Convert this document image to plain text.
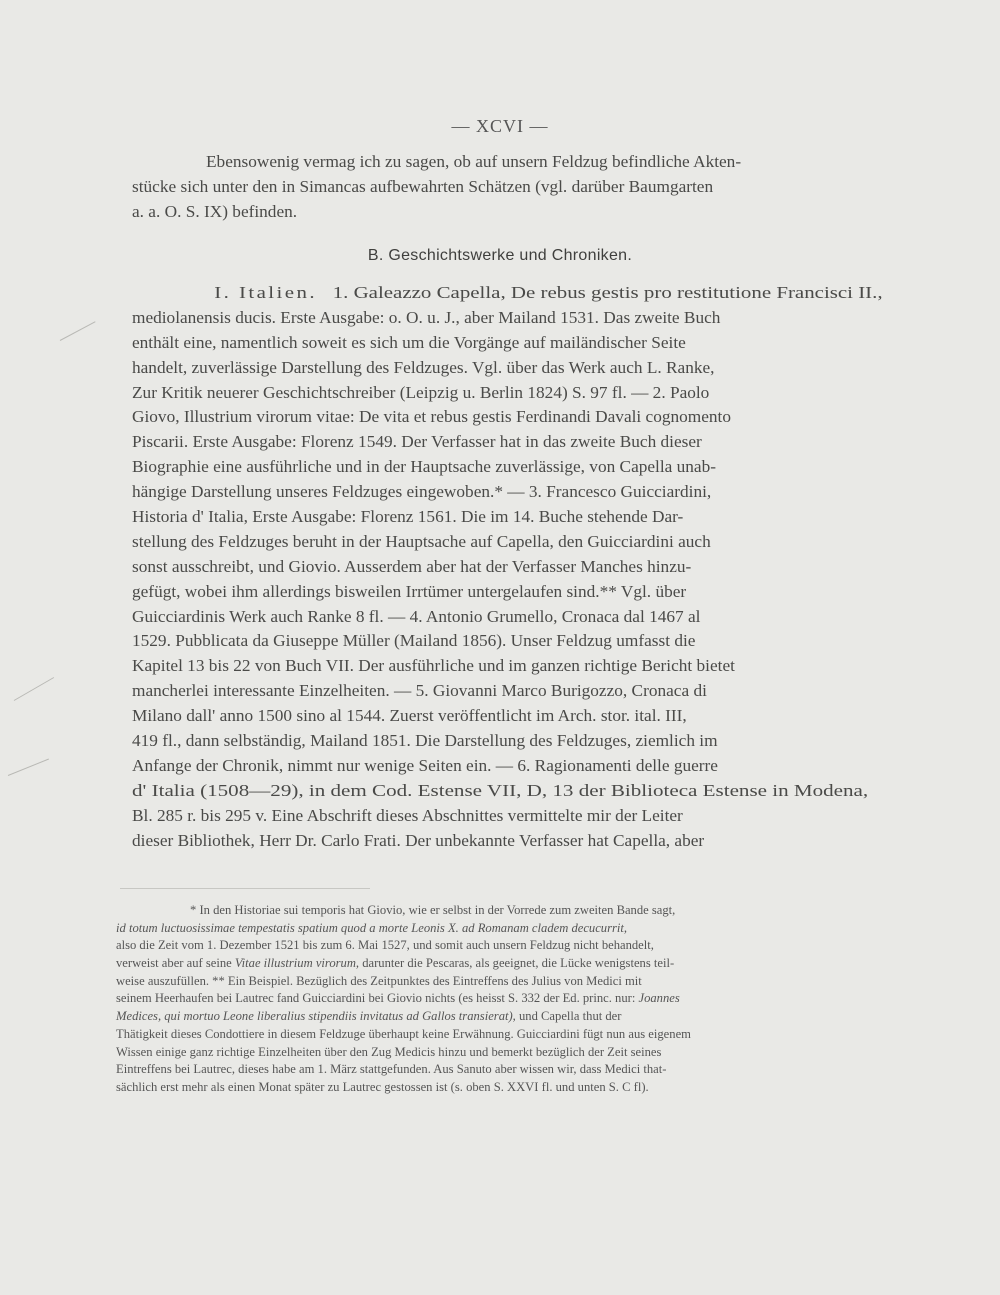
— XCVI —
Ebensowenig vermag ich zu sagen, ob auf unsern Feldzug befindliche Akten-
stücke sich unter den in Simancas aufbewahrten Schätzen (vgl. darüber Baumgarten
a. a. O. S. IX) befinden.
B. Geschichtswerke und Chroniken.
I. Italien. 1. Galeazzo Capella, De rebus gestis pro restitutione Francisci II.,
mediolanensis ducis. Erste Ausgabe: o. O. u. J., aber Mailand 1531. Das zweite Buch
enthält eine, namentlich soweit es sich um die Vorgänge auf mailändischer Seite
handelt, zuverlässige Darstellung des Feldzuges. Vgl. über das Werk auch L. Ranke,
Zur Kritik neuerer Geschichtschreiber (Leipzig u. Berlin 1824) S. 97 fl. — 2. Paolo
Giovo, Illustrium virorum vitae: De vita et rebus gestis Ferdinandi Davali cognomento
Piscarii. Erste Ausgabe: Florenz 1549. Der Verfasser hat in das zweite Buch dieser
Biographie eine ausführliche und in der Hauptsache zuverlässige, von Capella unab-
hängige Darstellung unseres Feldzuges eingewoben.* — 3. Francesco Guicciardini,
Historia d' Italia, Erste Ausgabe: Florenz 1561. Die im 14. Buche stehende Dar-
stellung des Feldzuges beruht in der Hauptsache auf Capella, den Guicciardini auch
sonst ausschreibt, und Giovio. Ausserdem aber hat der Verfasser Manches hinzu-
gefügt, wobei ihm allerdings bisweilen Irrtümer untergelaufen sind.** Vgl. über
Guicciardinis Werk auch Ranke 8 fl. — 4. Antonio Grumello, Cronaca dal 1467 al
1529. Pubblicata da Giuseppe Müller (Mailand 1856). Unser Feldzug umfasst die
Kapitel 13 bis 22 von Buch VII. Der ausführliche und im ganzen richtige Bericht bietet
mancherlei interessante Einzelheiten. — 5. Giovanni Marco Burigozzo, Cronaca di
Milano dall' anno 1500 sino al 1544. Zuerst veröffentlicht im Arch. stor. ital. III,
419 fl., dann selbständig, Mailand 1851. Die Darstellung des Feldzuges, ziemlich im
Anfange der Chronik, nimmt nur wenige Seiten ein. — 6. Ragionamenti delle guerre
d' Italia (1508—29), in dem Cod. Estense VII, D, 13 der Biblioteca Estense in Modena,
Bl. 285 r. bis 295 v. Eine Abschrift dieses Abschnittes vermittelte mir der Leiter
dieser Bibliothek, Herr Dr. Carlo Frati. Der unbekannte Verfasser hat Capella, aber
* In den Historiae sui temporis hat Giovio, wie er selbst in der Vorrede zum zweiten Bande sagt,
id totum luctuosissimae tempestatis spatium quod a morte Leonis X. ad Romanam cladem decucurrit,
also die Zeit vom 1. Dezember 1521 bis zum 6. Mai 1527, und somit auch unsern Feldzug nicht behandelt,
verweist aber auf seine Vitae illustrium virorum, darunter die Pescaras, als geeignet, die Lücke wenigstens teil-
weise auszufüllen. ** Ein Beispiel. Bezüglich des Zeitpunktes des Eintreffens des Julius von Medici mit
seinem Heerhaufen bei Lautrec fand Guicciardini bei Giovio nichts (es heisst S. 332 der Ed. princ. nur: Joannes
Medices, qui mortuo Leone liberalius stipendiis invitatus ad Gallos transierat), und Capella thut der
Thätigkeit dieses Condottiere in diesem Feldzuge überhaupt keine Erwähnung. Guicciardini fügt nun aus eigenem
Wissen einige ganz richtige Einzelheiten über den Zug Medicis hinzu und bemerkt bezüglich der Zeit seines
Eintreffens bei Lautrec, dieses habe am 1. März stattgefunden. Aus Sanuto aber wissen wir, dass Medici that-
sächlich erst mehr als einen Monat später zu Lautrec gestossen ist (s. oben S. XXVI fl. und unten S. C fl).
